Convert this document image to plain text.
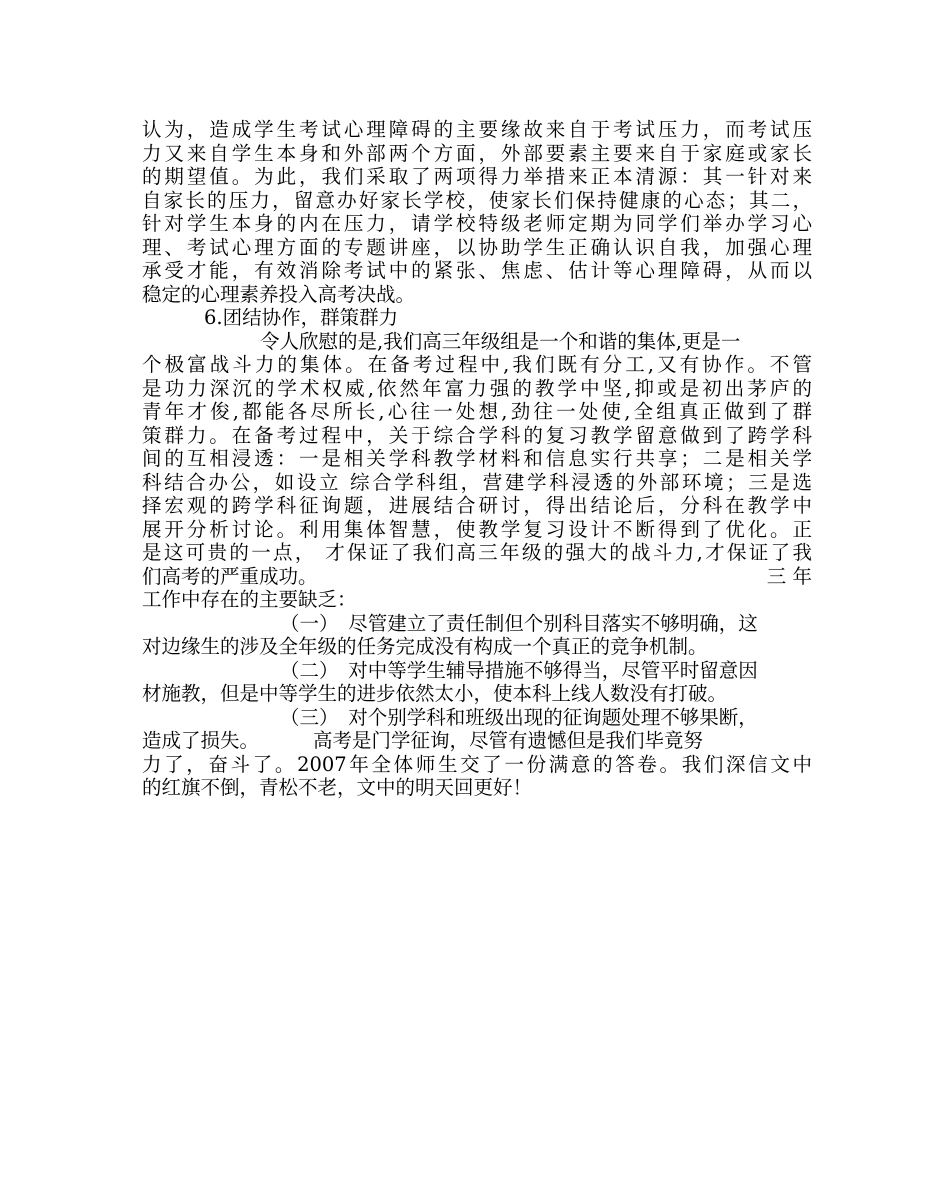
认为，造成学生考试心理障碍的主要缘故来自于考试压力，而考试压
力又来自学生本身和外部两个方面，外部要素主要来自于家庭或家长
的期望值。为此，我们采取了两项得力举措来正本清源：其一针对来
自家长的压力，留意办好家长学校，使家长们保持健康的心态；其二，
针对学生本身的内在压力，请学校特级老师定期为同学们举办学习心
理、考试心理方面的专题讲座，以协助学生正确认识自我，加强心理
承受才能，有效消除考试中的紧张、焦虑、估计等心理障碍，从而以
稳定的心理素养投入高考决战。
6.团结协作，群策群力
令人欣慰的是,我们高三年级组是一个和谐的集体,更是一
个极富战斗力的集体。在备考过程中,我们既有分工,又有协作。不管
是功力深沉的学术权威,依然年富力强的教学中坚,抑或是初出茅庐的
青年才俊,都能各尽所长,心往一处想,劲往一处使,全组真正做到了群
策群力。在备考过程中，关于综合学科的复习教学留意做到了跨学科
间的互相浸透：一是相关学科教学材料和信息实行共享；二是相关学
科结合办公，如设立 综合学科组，营建学科浸透的外部环境；三是选
择宏观的跨学科征询题，进展结合研讨，得出结论后，分科在教学中
展开分析讨论。利用集体智慧，使教学复习设计不断得到了优化。正
是这可贵的一点， 才保证了我们高三年级的强大的战斗力,才保证了我
们高考的严重成功。	三 年
工作中存在的主要缺乏：
（一）　尽管建立了责任制但个别科目落实不够明确，这
对边缘生的涉及全年级的任务完成没有构成一个真正的竞争机制。
（二）　对中等学生辅导措施不够得当，尽管平时留意因
材施教，但是中等学生的进步依然太小，使本科上线人数没有打破。
（三）　对个别学科和班级出现的征询题处理不够果断，
造成了损失。	高考是门学征询，尽管有遗憾但是我们毕竟努
力了，奋斗了。2007年全体师生交了一份满意的答卷。我们深信文中
的红旗不倒，青松不老，文中的明天回更好！
